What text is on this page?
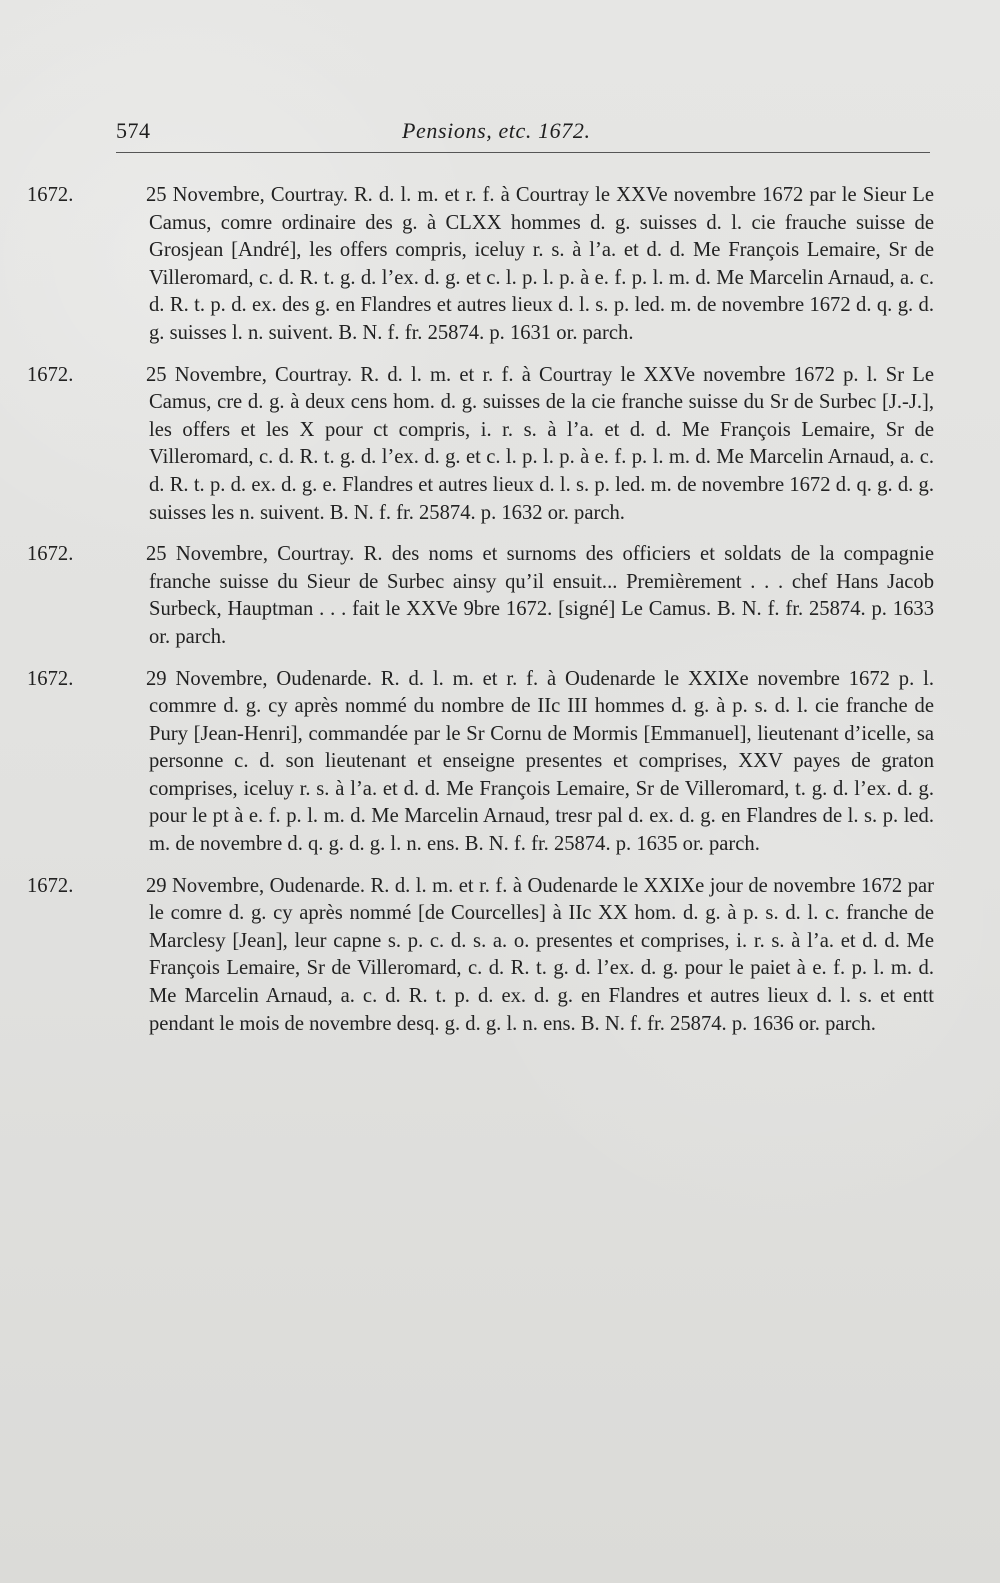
574	Pensions, etc. 1672.

1672.	25 Novembre, Courtray. R. d. l. m. et r. f. à Courtray le XXVe novembre 1672 par le Sieur Le Camus, comre ordinaire des g. à CLXX hommes d. g. suisses d. l. cie frauche suisse de Grosjean [André], les offers compris, iceluy r. s. à l’a. et d. d. Me François Lemaire, Sr de Villeromard, c. d. R. t. g. d. l’ex. d. g. et c. l. p. l. p. à e. f. p. l. m. d. Me Marcelin Arnaud, a. c. d. R. t. p. d. ex. des g. en Flandres et autres lieux d. l. s. p. led. m. de novembre 1672 d. q. g. d. g. suisses l. n. suivent. B. N. f. fr. 25874. p. 1631 or. parch.

1672.	25 Novembre, Courtray. R. d. l. m. et r. f. à Courtray le XXVe novembre 1672 p. l. Sr Le Camus, cre d. g. à deux cens hom. d. g. suisses de la cie franche suisse du Sr de Surbec [J.-J.], les offers et les X pour ct compris, i. r. s. à l’a. et d. d. Me François Lemaire, Sr de Villeromard, c. d. R. t. g. d. l’ex. d. g. et c. l. p. l. p. à e. f. p. l. m. d. Me Marcelin Arnaud, a. c. d. R. t. p. d. ex. d. g. e. Flandres et autres lieux d. l. s. p. led. m. de novembre 1672 d. q. g. d. g. suisses les n. suivent. B. N. f. fr. 25874. p. 1632 or. parch.

1672.	25 Novembre, Courtray. R. des noms et surnoms des officiers et soldats de la compagnie franche suisse du Sieur de Surbec ainsy qu’il ensuit... Premièrement . . . chef Hans Jacob Surbeck, Hauptman . . . fait le XXVe 9bre 1672. [signé] Le Camus. B. N. f. fr. 25874. p. 1633 or. parch.

1672.	29 Novembre, Oudenarde. R. d. l. m. et r. f. à Oudenarde le XXIXe novembre 1672 p. l. commre d. g. cy après nommé du nombre de IIc III hommes d. g. à p. s. d. l. cie franche de Pury [Jean-Henri], commandée par le Sr Cornu de Mormis [Emmanuel], lieutenant d’icelle, sa personne c. d. son lieutenant et enseigne presentes et comprises, XXV payes de graton comprises, iceluy r. s. à l’a. et d. d. Me François Lemaire, Sr de Villeromard, t. g. d. l’ex. d. g. pour le pt à e. f. p. l. m. d. Me Marcelin Arnaud, tresr pal d. ex. d. g. en Flandres de l. s. p. led. m. de novembre d. q. g. d. g. l. n. ens. B. N. f. fr. 25874. p. 1635 or. parch.

1672.	29 Novembre, Oudenarde. R. d. l. m. et r. f. à Oudenarde le XXIXe jour de novembre 1672 par le comre d. g. cy après nommé [de Courcelles] à IIc XX hom. d. g. à p. s. d. l. c. franche de Marclesy [Jean], leur capne s. p. c. d. s. a. o. presentes et comprises, i. r. s. à l’a. et d. d. Me François Lemaire, Sr de Villeromard, c. d. R. t. g. d. l’ex. d. g. pour le paiet à e. f. p. l. m. d. Me Marcelin Arnaud, a. c. d. R. t. p. d. ex. d. g. en Flandres et autres lieux d. l. s. et entt pendant le mois de novembre desq. g. d. g. l. n. ens. B. N. f. fr. 25874. p. 1636 or. parch.
